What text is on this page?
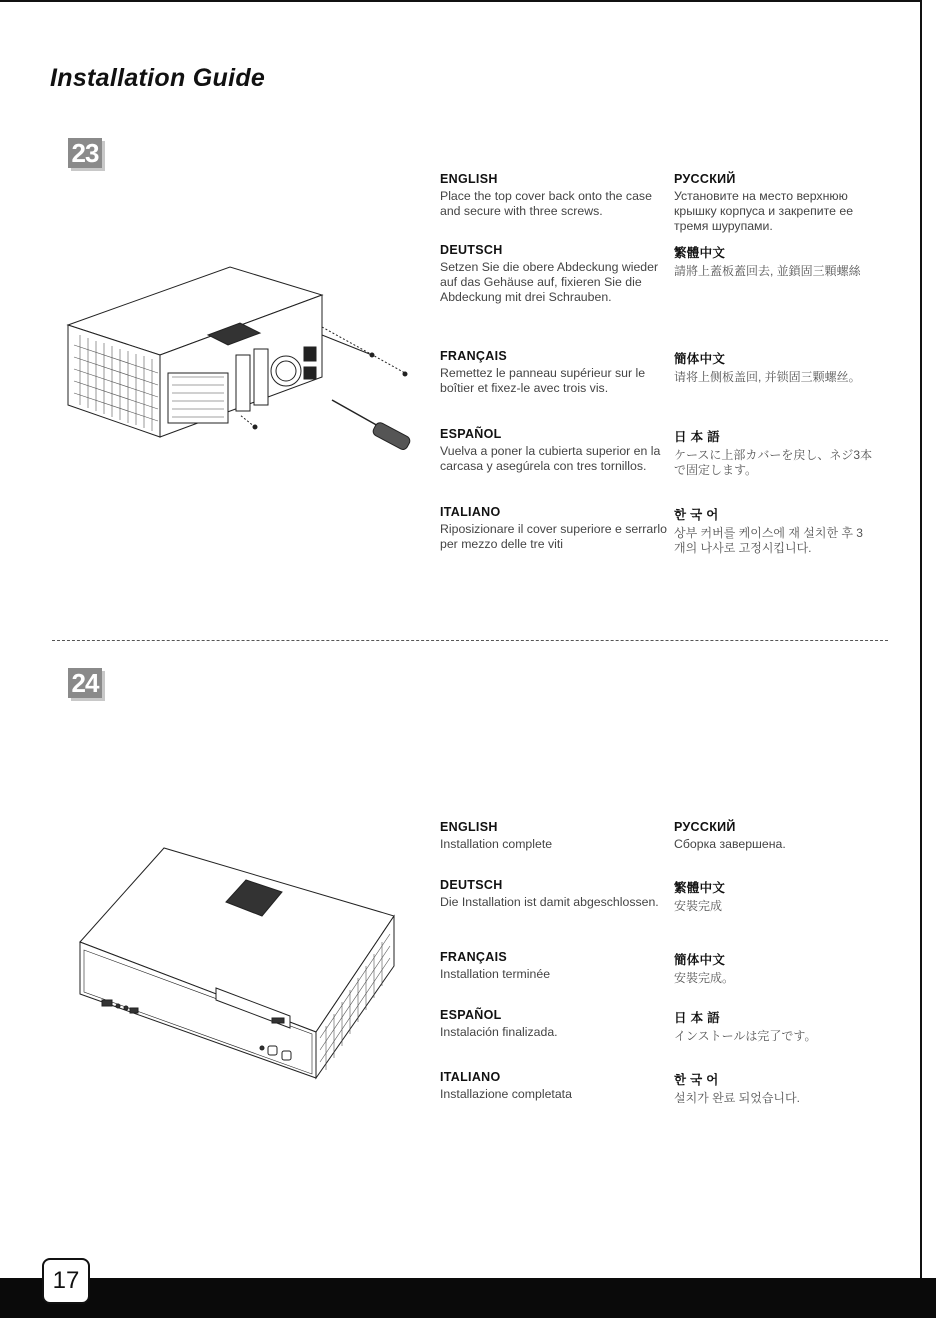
Installation Guide
23
ENGLISH
Place the top cover back onto the case and secure with three screws.
РУССКИЙ
Установите на место верхнюю крышку корпуса и закрепите ее тремя шурупами.
DEUTSCH
Setzen Sie die obere Abdeckung wieder auf das Gehäuse auf, fixieren Sie die Abdeckung mit drei Schrauben.
繁體中文
請將上蓋板蓋回去, 並鎖固三顆螺絲
FRANÇAIS
Remettez le panneau supérieur sur le boîtier et fixez-le avec trois vis.
簡体中文
请将上侧板盖回, 并锁固三颗螺丝。
ESPAÑOL
Vuelva a poner la cubierta superior en la carcasa y asegúrela con tres tornillos.
日 本 語
ケースに上部カバーを戻し、ネジ3本で固定します。
ITALIANO
Riposizionare il cover superiore e serrarlo per mezzo delle tre viti
한 국 어
상부 커버를 케이스에 재 설치한 후 3개의 나사로 고정시킵니다.
24
ENGLISH
Installation complete
РУССКИЙ
Сборка завершена.
DEUTSCH
Die Installation ist damit abgeschlossen.
繁體中文
安裝完成
FRANÇAIS
Installation terminée
簡体中文
安裝完成。
ESPAÑOL
Instalación finalizada.
日 本 語
インストールは完了です。
ITALIANO
Installazione completata
한 국 어
설치가 완료 되었습니다.
17
